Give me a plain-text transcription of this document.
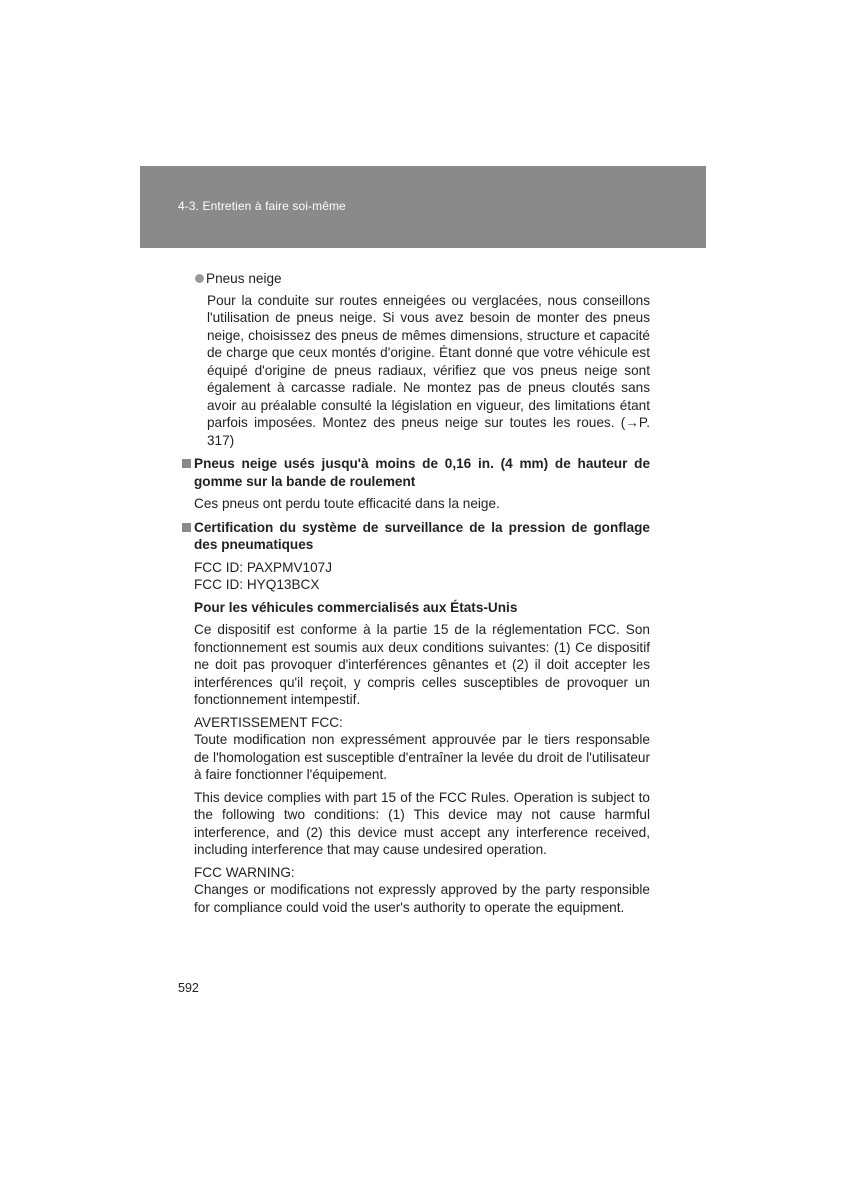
4-3. Entretien à faire soi-même
Pneus neige
Pour la conduite sur routes enneigées ou verglacées, nous conseillons l'utilisation de pneus neige. Si vous avez besoin de monter des pneus neige, choisissez des pneus de mêmes dimensions, structure et capacité de charge que ceux montés d'origine. Étant donné que votre véhicule est équipé d'origine de pneus radiaux, vérifiez que vos pneus neige sont également à carcasse radiale. Ne montez pas de pneus cloutés sans avoir au préalable consulté la législation en vigueur, des limitations étant parfois imposées. Montez des pneus neige sur toutes les roues. (→P. 317)
Pneus neige usés jusqu'à moins de 0,16 in. (4 mm) de hauteur de gomme sur la bande de roulement
Ces pneus ont perdu toute efficacité dans la neige.
Certification du système de surveillance de la pression de gonflage des pneumatiques
FCC ID: PAXPMV107J
FCC ID: HYQ13BCX
Pour les véhicules commercialisés aux États-Unis
Ce dispositif est conforme à la partie 15 de la réglementation FCC. Son fonctionnement est soumis aux deux conditions suivantes: (1) Ce dispositif ne doit pas provoquer d'interférences gênantes et (2) il doit accepter les interférences qu'il reçoit, y compris celles susceptibles de provoquer un fonctionnement intempestif.
AVERTISSEMENT FCC:
Toute modification non expressément approuvée par le tiers responsable de l'homologation est susceptible d'entraîner la levée du droit de l'utilisateur à faire fonctionner l'équipement.
This device complies with part 15 of the FCC Rules. Operation is subject to the following two conditions: (1) This device may not cause harmful interference, and (2) this device must accept any interference received, including interference that may cause undesired operation.
FCC WARNING:
Changes or modifications not expressly approved by the party responsible for compliance could void the user's authority to operate the equipment.
592
